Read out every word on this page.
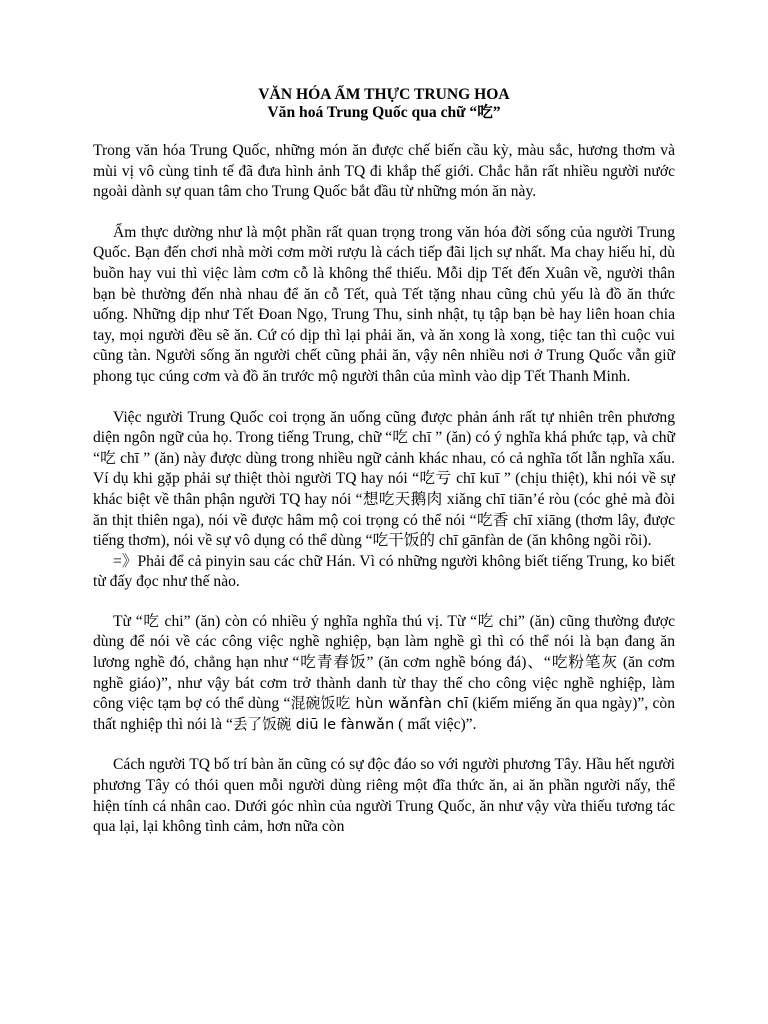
VĂN HÓA ẨM THỰC TRUNG HOA
Văn hoá Trung Quốc qua chữ “吃”

Trong văn hóa Trung Quốc, những món ăn được chế biến cầu kỳ, màu sắc, hương thơm và mùi vị vô cùng tinh tế đã đưa hình ảnh TQ đi khắp thế giới. Chắc hẳn rất nhiều người nước ngoài dành sự quan tâm cho Trung Quốc bắt đầu từ những món ăn này.

Ẩm thực dường như là một phần rất quan trọng trong văn hóa đời sống của người Trung Quốc. Bạn đến chơi nhà mời cơm mời rượu là cách tiếp đãi lịch sự nhất. Ma chay hiếu hỉ, dù buồn hay vui thì việc làm cơm cỗ là không thể thiếu. Mỗi dịp Tết đến Xuân về, người thân bạn bè thường đến nhà nhau để ăn cỗ Tết, quà Tết tặng nhau cũng chủ yếu là đồ ăn thức uống. Những dịp như Tết Đoan Ngọ, Trung Thu, sinh nhật, tụ tập bạn bè hay liên hoan chia tay, mọi người đều sẽ ăn. Cứ có dịp thì lại phải ăn, và ăn xong là xong, tiệc tan thì cuộc vui cũng tàn. Người sống ăn người chết cũng phải ăn, vậy nên nhiều nơi ở Trung Quốc vẫn giữ phong tục cúng cơm và đồ ăn trước mộ người thân của mình vào dịp Tết Thanh Minh.

Việc người Trung Quốc coi trọng ăn uống cũng được phản ánh rất tự nhiên trên phương diện ngôn ngữ của họ. Trong tiếng Trung, chữ “吃 chī ” (ăn) có ý nghĩa khá phức tạp, và chữ “吃 chī ” (ăn) này được dùng trong nhiều ngữ cảnh khác nhau, có cả nghĩa tốt lẫn nghĩa xấu. Ví dụ khi gặp phải sự thiệt thòi người TQ hay nói “吃亏 chī kuī ” (chịu thiệt), khi nói về sự khác biệt về thân phận người TQ hay nói “想吃天鹅肉 xiǎng chī tiān’é ròu (cóc ghẻ mà đòi ăn thịt thiên nga), nói về được hâm mộ coi trọng có thể nói “吃香 chī xiāng (thơm lây, được tiếng thơm), nói về sự vô dụng có thể dùng “吃干饭的 chī gānfàn de (ăn không ngồi rồi).

=》Phải để cả pinyin sau các chữ Hán. Vì có những người không biết tiếng Trung, ko biết từ đấy đọc như thế nào.

Từ “吃 chi” (ăn) còn có nhiều ý nghĩa nghĩa thú vị. Từ “吃 chi” (ăn) cũng thường được dùng để nói về các công việc nghề nghiệp, bạn làm nghề gì thì có thể nói là bạn đang ăn lương nghề đó, chẳng hạn như “吃青春饭” (ăn cơm nghề bóng đá)、“吃粉笔灰 (ăn cơm nghề giáo)”, như vậy bát cơm trở thành danh từ thay thế cho công việc nghề nghiệp, làm công việc tạm bợ có thể dùng “混碗饭吃 hùn wǎnfàn chī (kiếm miếng ăn qua ngày)”, còn thất nghiệp thì nói là “丢了饭碗 diū le fànwǎn ( mất việc)”.

Cách người TQ bố trí bàn ăn cũng có sự độc đáo so với người phương Tây. Hầu hết người phương Tây có thói quen mỗi người dùng riêng một đĩa thức ăn, ai ăn phần người nấy, thể hiện tính cá nhân cao. Dưới góc nhìn của người Trung Quốc, ăn như vậy vừa thiếu tương tác qua lại, lại không tình cảm, hơn nữa còn
